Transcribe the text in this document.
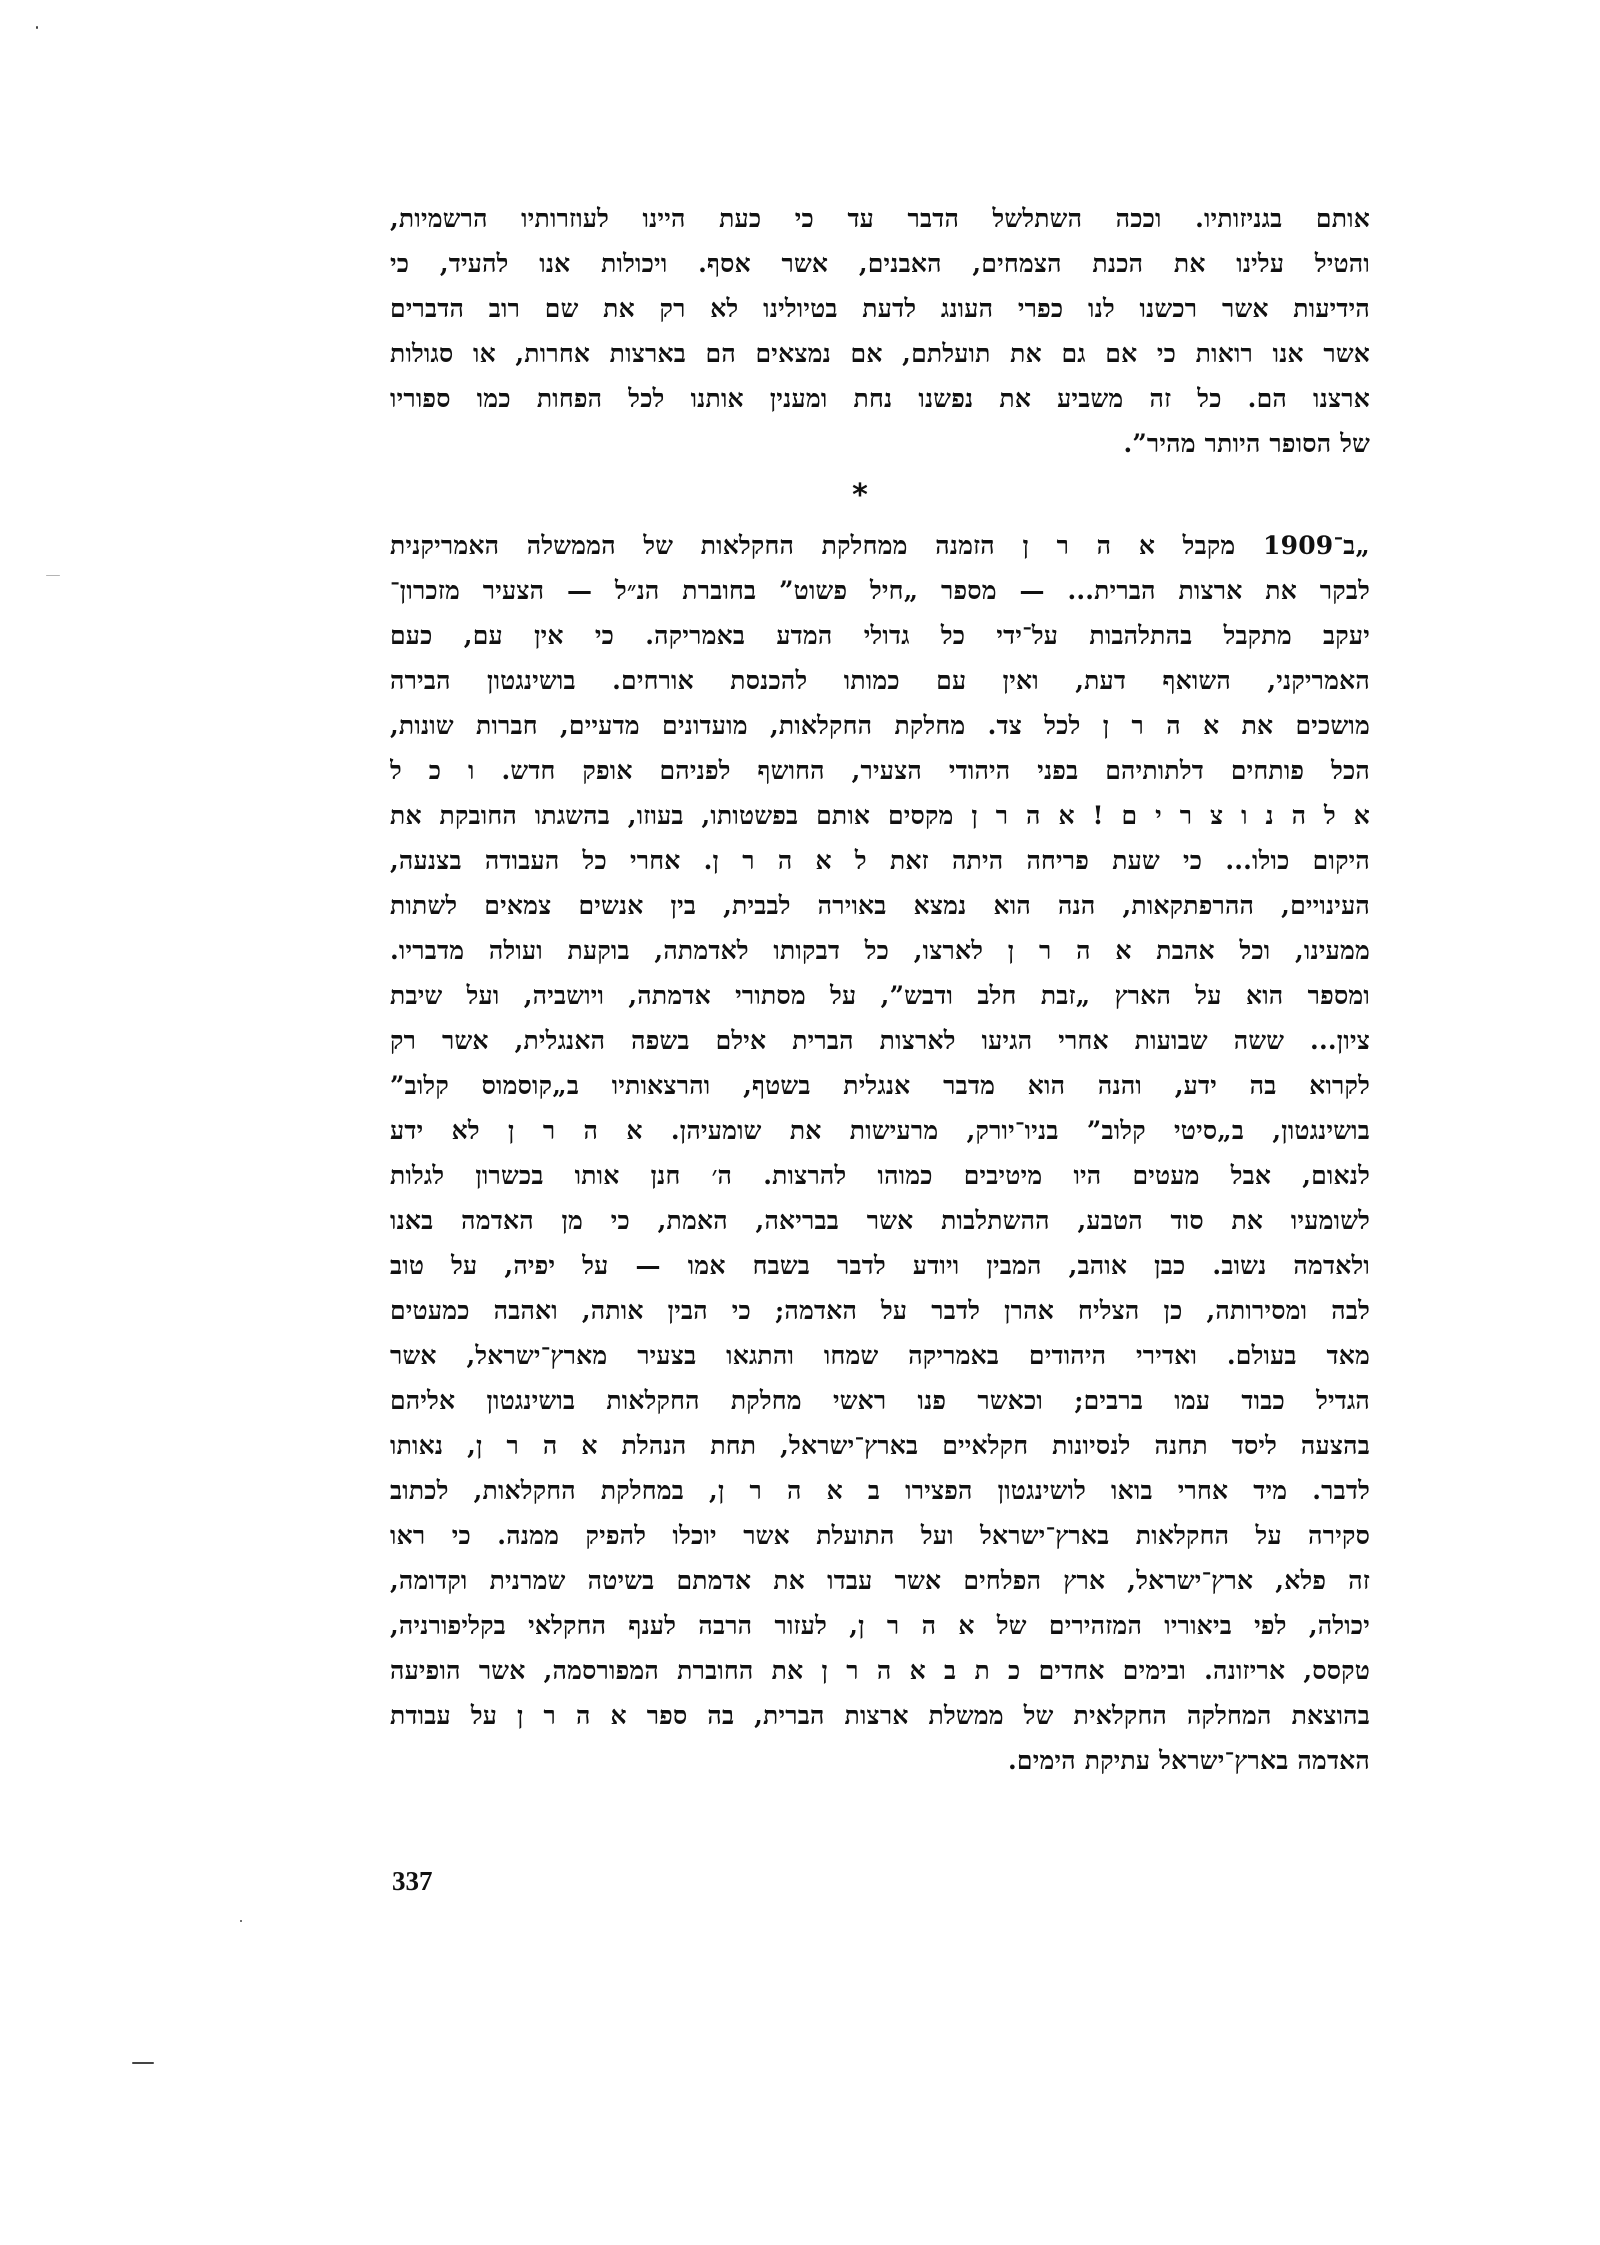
אותם בגניזותיו. וככה השתלשל הדבר עד כי כעת היינו לעוזרותיו הרשמיות,
והטיל עלינו את הכנת הצמחים, האבנים, אשר אסף. ויכולות אנו להעיד, כי
הידיעות אשר רכשנו לנו כפרי העונג לדעת בטיולינו לא רק את שם רוב הדברים
אשר אנו רואות כי אם גם את תועלתם, אם נמצאים הם בארצות אחרות, או סגולות
ארצנו הם. כל זה משביע את נפשנו נחת ומענין אותנו לכל הפחות כמו ספוריו
של הסופר היותר מהיר”.
*
„ב־1909 מקבל א ה ר ן הזמנה ממחלקת החקלאות של הממשלה האמריקנית
לבקר את ארצות הברית... — מספר „חיל פשוט” בחוברת הנ״ל — הצעיר מזכרון־
יעקב מתקבל בהתלהבות על־ידי כל גדולי המדע באמריקה. כי אין עם, כעם
האמריקני, השואף דעת, ואין עם כמותו להכנסת אורחים. בושינגטון הבירה
מושכים את א ה ר ן לכל צד. מחלקת החקלאות, מועדונים מדעיים, חברות שונות,
הכל פותחים דלתותיהם בפני היהודי הצעיר, החושף לפניהם אופק חדש. ו כ ל
א ל ה נ ו צ ר י ם ! א ה ר ן מקסים אותם בפשטותו, בעוזו, בהשגתו החובקת את
היקום כולו... כי שעת פריחה היתה זאת ל א ה ר ן. אחרי כל העבודה בצנעה,
העינויים, ההרפתקאות, הנה הוא נמצא באוירה לבבית, בין אנשים צמאים לשתות
ממעינו, וכל אהבת א ה ר ן לארצו, כל דבקותו לאדמתה, בוקעת ועולה מדבריו.
ומספר הוא על הארץ „זבת חלב ודבש”, על מסתורי אדמתה, ויושביה, ועל שיבת
ציון... ששה שבועות אחרי הגיעו לארצות הברית אילם בשפה האנגלית, אשר רק
לקרוא בה ידע, והנה הוא מדבר אנגלית בשטף, והרצאותיו ב„קוסמוס קלוב”
בושינגטון, ב„סיטי קלוב” בניו־יורק, מרעישות את שומעיהן. א ה ר ן לא ידע
לנאום, אבל מעטים היו מיטיבים כמוהו להרצות. ה׳ חנן אותו בכשרון לגלות
לשומעיו את סוד הטבע, ההשתלבות אשר בבריאה, האמת, כי מן האדמה באנו
ולאדמה נשוב. כבן אוהב, המבין ויודע לדבר בשבח אמו — על יפיה, על טוב
לבה ומסירותה, כן הצליח אהרן לדבר על האדמה; כי הבין אותה, ואהבה כמעטים
מאד בעולם. ואדירי היהודים באמריקה שמחו והתגאו בצעיר מארץ־ישראל, אשר
הגדיל כבוד עמו ברבים; וכאשר פנו ראשי מחלקת החקלאות בושינגטון אליהם
בהצעה ליסד תחנה לנסיונות חקלאיים בארץ־ישראל, תחת הנהלת א ה ר ן, נאותו
לדבר. מיד אחרי בואו לושינגטון הפצירו ב א ה ר ן, במחלקת החקלאות, לכתוב
סקירה על החקלאות בארץ־ישראל ועל התועלת אשר יוכלו להפיק ממנה. כי ראו
זה פלא, ארץ־ישראל, ארץ הפלחים אשר עבדו את אדמתם בשיטה שמרנית וקדומה,
יכולה, לפי ביאוריו המזהירים של א ה ר ן, לעזור הרבה לענף החקלאי בקליפורניה,
טקסס, אריזונה. ובימים אחדים כ ת ב א ה ר ן את החוברת המפורסמה, אשר הופיעה
בהוצאת המחלקה החקלאית של ממשלת ארצות הברית, בה ספר א ה ר ן על עבודת
האדמה בארץ־ישראל עתיקת הימים.
337
